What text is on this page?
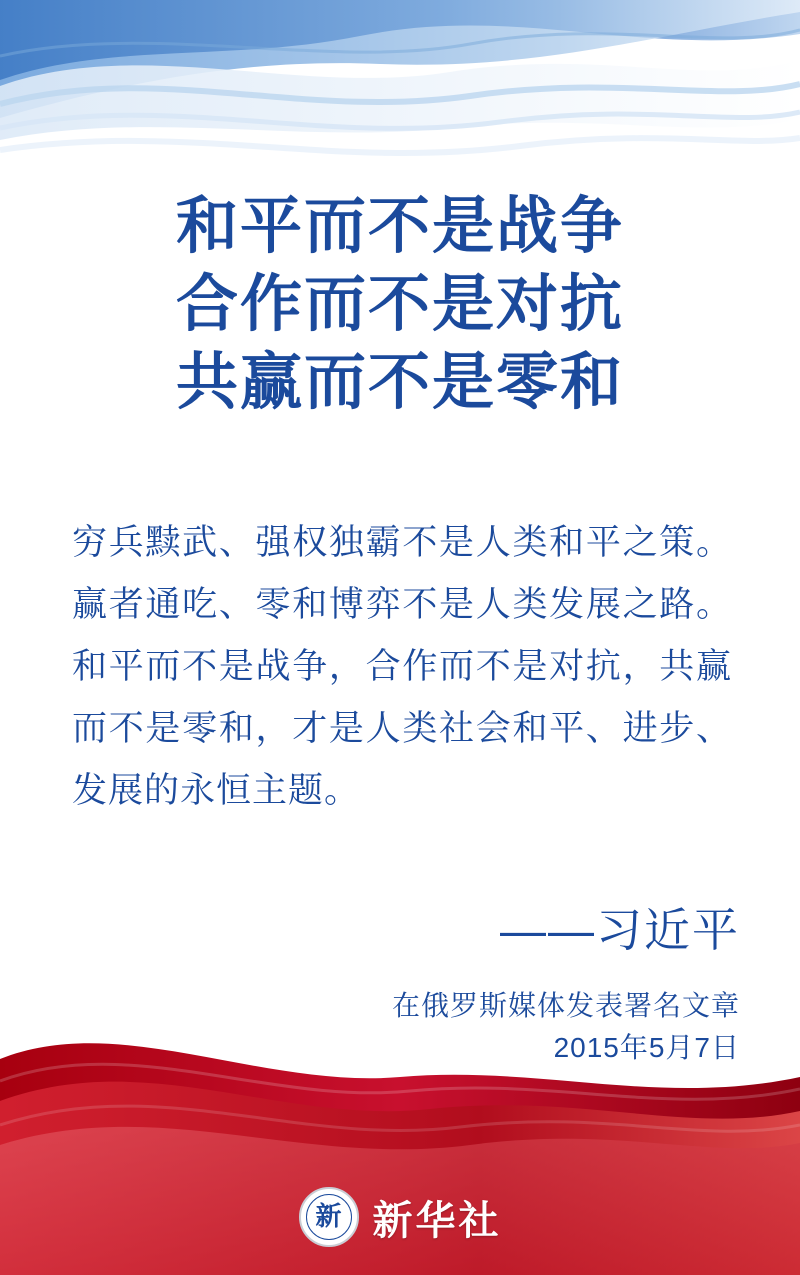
和平而不是战争
合作而不是对抗
共赢而不是零和
穷兵黩武、强权独霸不是人类和平之策。赢者通吃、零和博弈不是人类发展之路。和平而不是战争，合作而不是对抗，共赢而不是零和，才是人类社会和平、进步、发展的永恒主题。
——习近平
在俄罗斯媒体发表署名文章
2015年5月7日
新 新华社
